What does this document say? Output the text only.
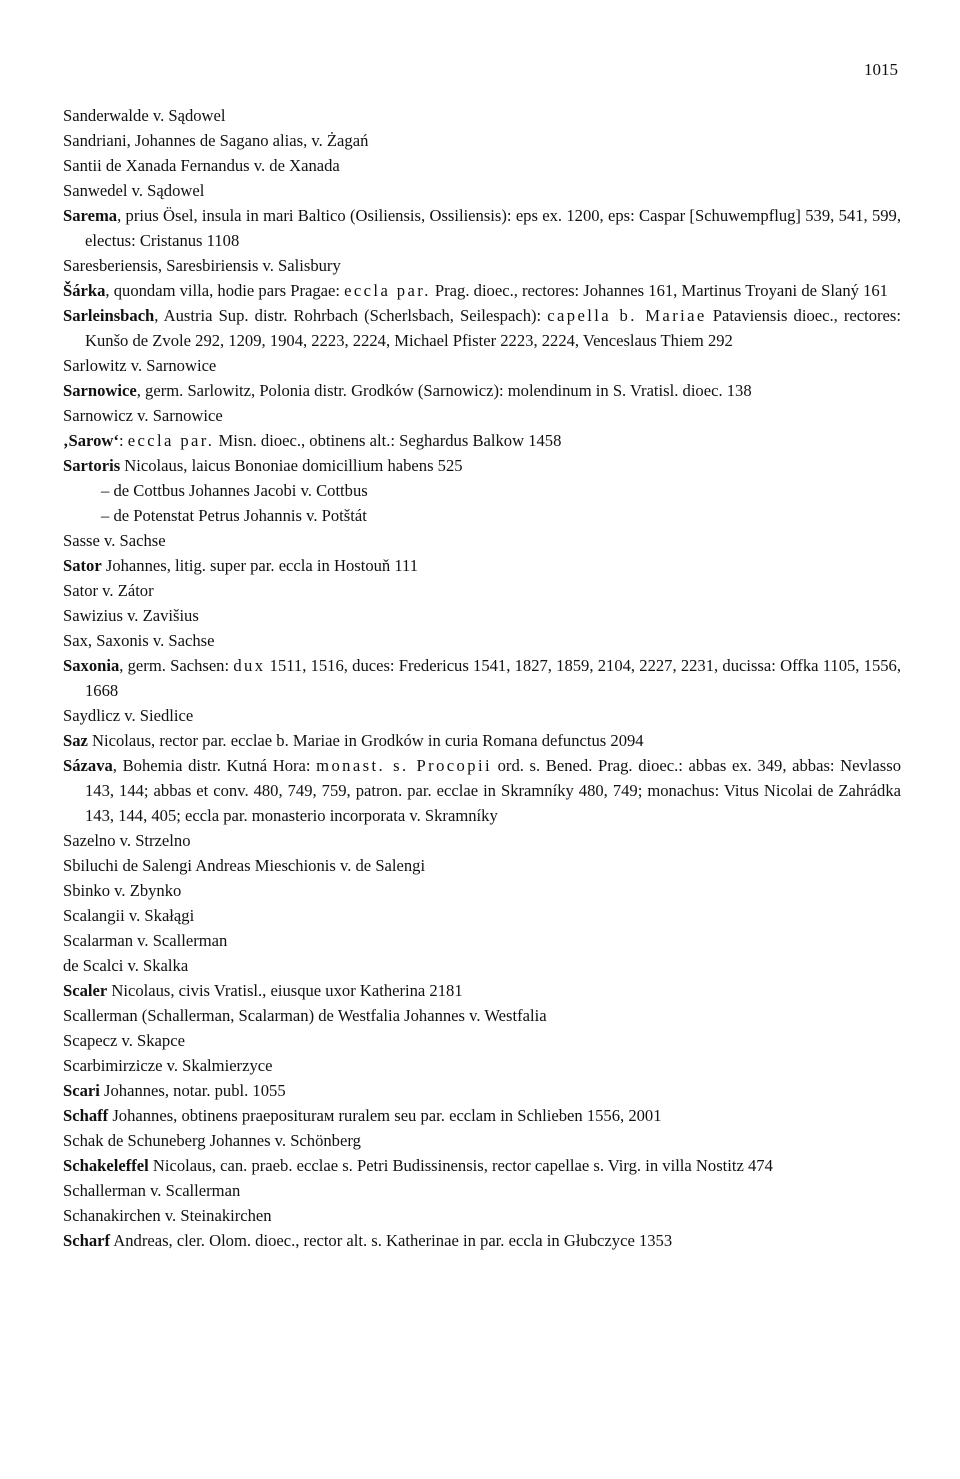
1015

Sanderwalde v. Sądowel

Sandriani, Johannes de Sagano alias, v. Żagań

Santii de Xanada Fernandus v. de Xanada

Sanwedel v. Sądowel

Sarema, prius Ösel, insula in mari Baltico (Osiliensis, Ossiliensis): eps ex. 1200, eps: Caspar [Schuwempflug] 539, 541, 599, electus: Cristanus 1108

Saresberiensis, Saresbiriensis v. Salisbury

Šárka, quondam villa, hodie pars Pragae: eccla par. Prag. dioec., rectores: Johannes 161, Martinus Troyani de Slaný 161

Sarleinsbach, Austria Sup. distr. Rohrbach (Scherlsbach, Seilespach): capella b. Mariae Pataviensis dioec., rectores: Kunšo de Zvole 292, 1209, 1904, 2223, 2224, Michael Pfister 2223, 2224, Venceslaus Thiem 292

Sarlowitz v. Sarnowice

Sarnowice, germ. Sarlowitz, Polonia distr. Grodków (Sarnowicz): molendinum in S. Vratisl. dioec. 138

Sarnowicz v. Sarnowice

‚Sarow‘: eccla par. Misn. dioec., obtinens alt.: Seghardus Balkow 1458

Sartoris Nicolaus, laicus Bononiae domicillium habens 525

– de Cottbus Johannes Jacobi v. Cottbus

– de Potenstat Petrus Johannis v. Potštát

Sasse v. Sachse

Sator Johannes, litig. super par. eccla in Hostouň 111

Sator v. Zátor

Sawizius v. Zavišius

Sax, Saxonis v. Sachse

Saxonia, germ. Sachsen: dux 1511, 1516, duces: Fredericus 1541, 1827, 1859, 2104, 2227, 2231, ducissa: Offka 1105, 1556, 1668

Saydlicz v. Siedlice

Saz Nicolaus, rector par. ecclae b. Mariae in Grodków in curia Romana defunctus 2094

Sázava, Bohemia distr. Kutná Hora: monast. s. Procopii ord. s. Bened. Prag. dioec.: abbas ex. 349, abbas: Nevlasso 143, 144; abbas et conv. 480, 749, 759, patron. par. ecclae in Skramníky 480, 749; monachus: Vitus Nicolai de Zahrádka 143, 144, 405; eccla par. monasterio incorporata v. Skramníky

Sazelno v. Strzelno

Sbiluchi de Salengi Andreas Mieschionis v. de Salengi

Sbinko v. Zbynko

Scalangii v. Skałągi

Scalarman v. Scallerman

de Scalci v. Skalka

Scaler Nicolaus, civis Vratisl., eiusque uxor Katherina 2181

Scallerman (Schallerman, Scalarman) de Westfalia Johannes v. Westfalia

Scapecz v. Skapce

Scarbimirzicze v. Skalmierzyce

Scari Johannes, notar. publ. 1055

Schaff Johannes, obtinens praepositurам ruralem seu par. ecclam in Schlieben 1556, 2001

Schak de Schuneberg Johannes v. Schönberg

Schakeleffel Nicolaus, can. praeb. ecclae s. Petri Budissinensis, rector capellae s. Virg. in villa Nostitz 474

Schallerman v. Scallerman

Schanakirchen v. Steinakirchen

Scharf Andreas, cler. Olom. dioec., rector alt. s. Katherinae in par. eccla in Głubczyce 1353
